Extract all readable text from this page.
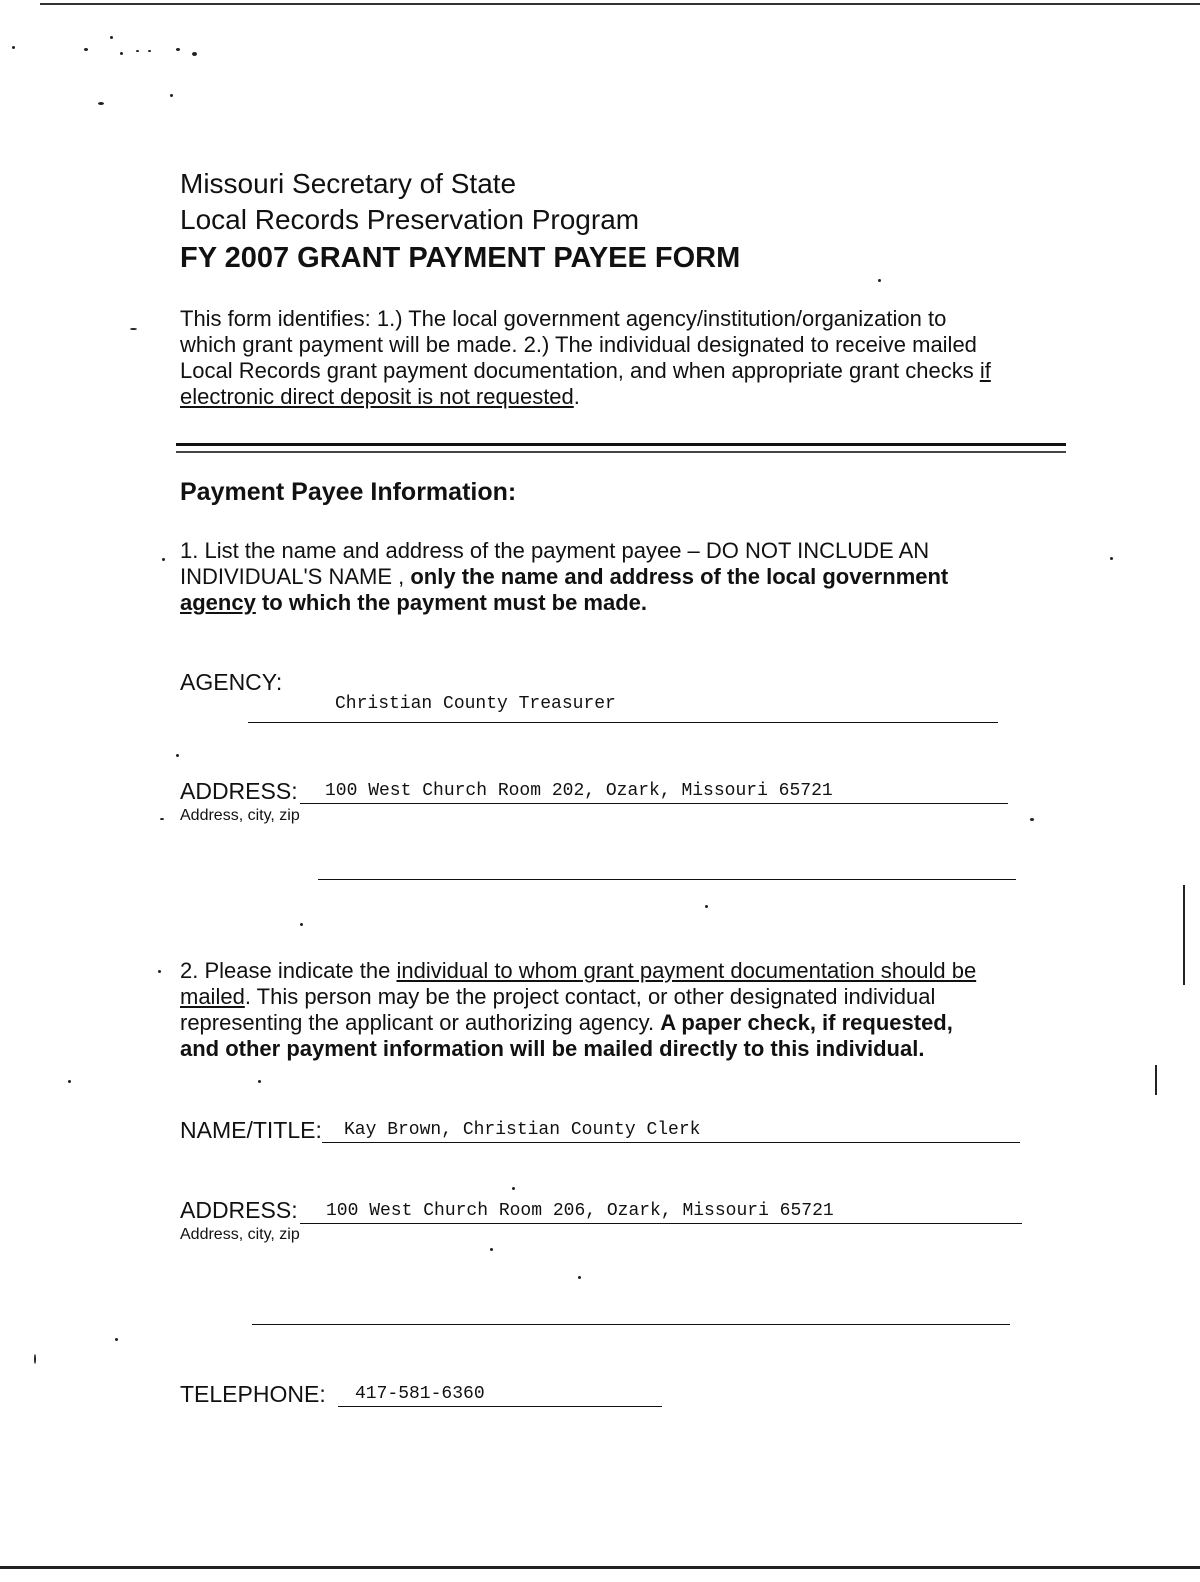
Missouri Secretary of State
Local Records Preservation Program
FY 2007 GRANT PAYMENT PAYEE FORM

This form identifies: 1.) The local government agency/institution/organization to

which grant payment will be made. 2.) The individual designated to receive mailed

Local Records grant payment documentation, and when appropriate grant checks if

electronic direct deposit is not requested.

Payment Payee Information:

1. List the name and address of the payment payee – DO NOT INCLUDE AN

INDIVIDUAL'S NAME , only the name and address of the local government

agency to which the payment must be made.

AGENCY:
Christian County Treasurer
ADDRESS: 100 West Church Room 202, Ozark, Missouri 65721
Address, city, zip

2. Please indicate the individual to whom grant payment documentation should be

mailed. This person may be the project contact, or other designated individual

representing the applicant or authorizing agency. A paper check, if requested,

and other payment information will be mailed directly to this individual.

NAME/TITLE: Kay Brown, Christian County Clerk
ADDRESS: 100 West Church Room 206, Ozark, Missouri 65721
Address, city, zip
TELEPHONE: 417-581-6360
